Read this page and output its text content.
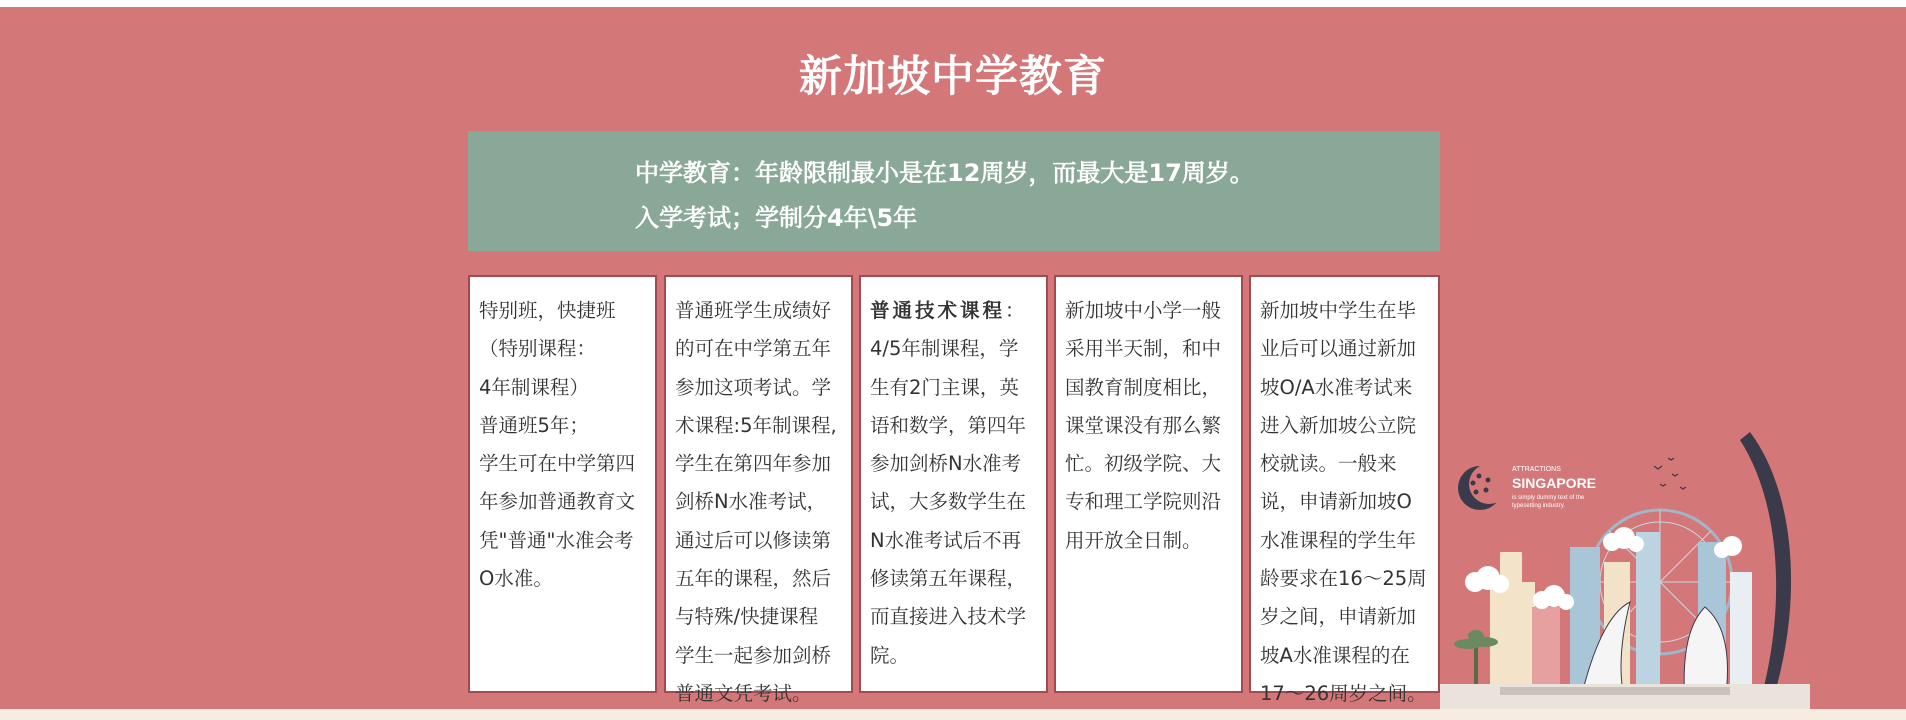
新加坡中学教育
中学教育：年龄限制最小是在12周岁，而最大是17周岁。
入学考试；学制分4年\5年
特别班，快捷班
（特别课程：
4年制课程）
普通班5年；
学生可在中学第四
年参加普通教育文
凭"普通"水准会考
O水准。
普通班学生成绩好
的可在中学第五年
参加这项考试。学
术课程:5年制课程,
学生在第四年参加
剑桥N水准考试，
通过后可以修读第
五年的课程，然后
与特殊/快捷课程
学生一起参加剑桥
普通文凭考试。
普通技术课程：
4/5年制课程，学
生有2门主课，英
语和数学，第四年
参加剑桥N水准考
试，大多数学生在
N水准考试后不再
修读第五年课程，
而直接进入技术学
院。
新加坡中小学一般
采用半天制，和中
国教育制度相比，
课堂课没有那么繁
忙。初级学院、大
专和理工学院则沿
用开放全日制。
新加坡中学生在毕
业后可以通过新加
坡O/A水准考试来
进入新加坡公立院
校就读。一般来
说，申请新加坡O
水准课程的学生年
龄要求在16～25周
岁之间，申请新加
坡A水准课程的在
17～26周岁之间。
ATTRACTIONS
SINGAPORE
is simply dummy text of the
typesetting industry.
